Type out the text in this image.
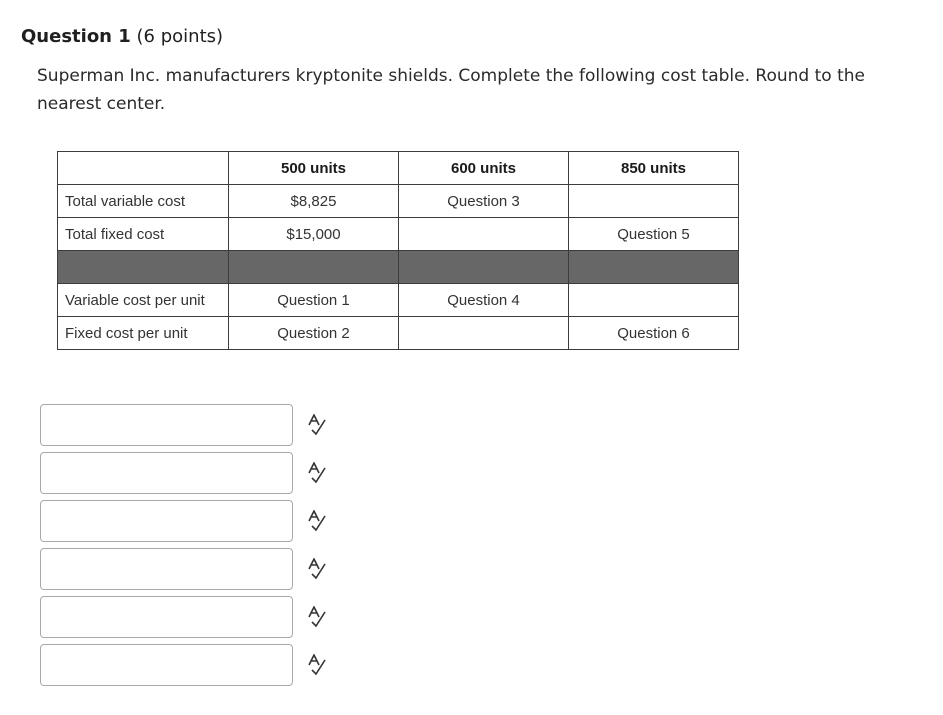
Question 1 (6 points)
Superman Inc. manufacturers kryptonite shields. Complete the following cost table. Round to the nearest center.
	500 units	600 units	850 units
Total variable cost	$8,825	Question 3	
Total fixed cost	$15,000		Question 5

Variable cost per unit	Question 1	Question 4	
Fixed cost per unit	Question 2		Question 6
